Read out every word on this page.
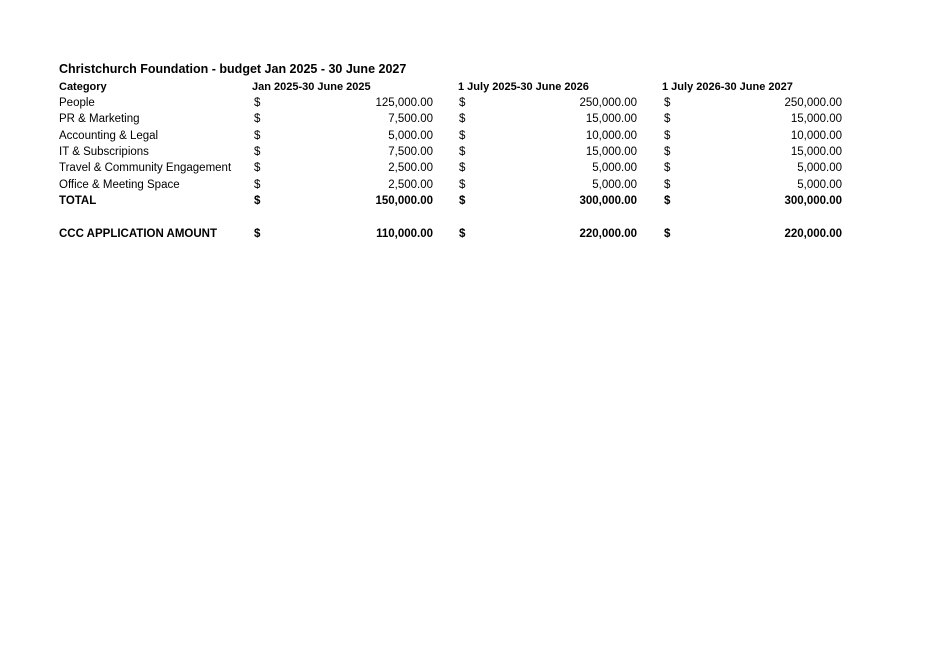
Christchurch Foundation - budget Jan 2025 - 30 June 2027
Category	Jan 2025-30 June 2025	1 July 2025-30 June 2026	1 July 2026-30 June 2027
People	$	125,000.00 $	250,000.00 $	250,000.00
PR & Marketing	$	7,500.00 $	15,000.00 $	15,000.00
Accounting & Legal	$	5,000.00 $	10,000.00 $	10,000.00
IT & Subscripions	$	7,500.00 $	15,000.00 $	15,000.00
Travel & Community Engagement $	2,500.00 $	5,000.00 $	5,000.00
Office & Meeting Space	$	2,500.00 $	5,000.00 $	5,000.00
TOTAL	$	150,000.00 $	300,000.00 $	300,000.00
CCC APPLICATION AMOUNT	$	110,000.00 $	220,000.00 $	220,000.00
